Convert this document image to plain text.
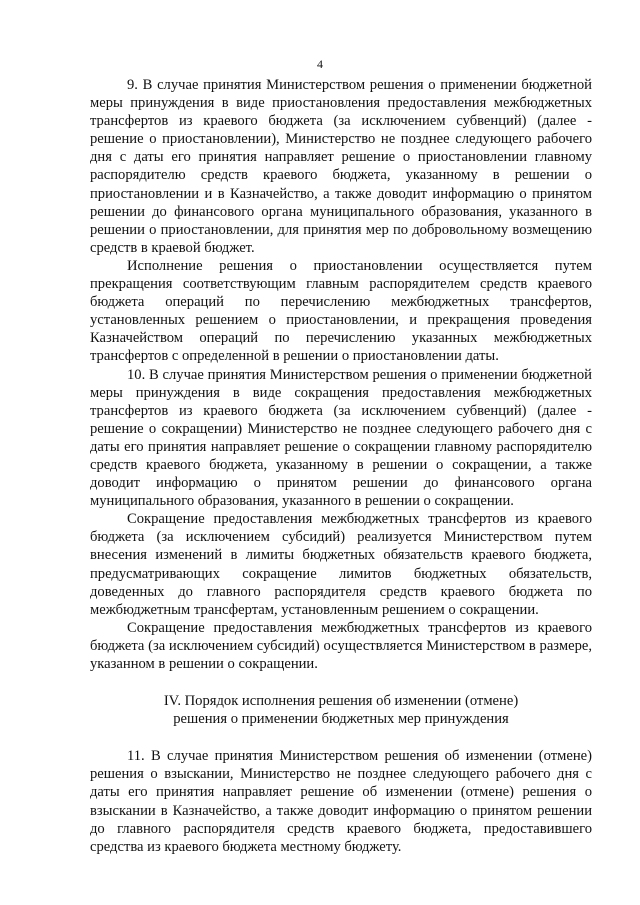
4

9. В случае принятия Министерством решения о применении бюджетной меры принуждения в виде приостановления предоставления межбюджетных трансфертов из краевого бюджета (за исключением субвенций) (далее - решение о приостановлении), Министерство не позднее следующего рабочего дня с даты его принятия направляет решение о приостановлении главному распорядителю средств краевого бюджета, указанному в решении о приостановлении и в Казначейство, а также доводит информацию о принятом решении до финансового органа муниципального образования, указанного в решении о приостановлении, для принятия мер по добровольному возмещению средств в краевой бюджет.

Исполнение решения о приостановлении осуществляется путем прекращения соответствующим главным распорядителем средств краевого бюджета операций по перечислению межбюджетных трансфертов, установленных решением о приостановлении, и прекращения проведения Казначейством операций по перечислению указанных межбюджетных трансфертов с определенной в решении о приостановлении даты.

10. В случае принятия Министерством решения о применении бюджетной меры принуждения в виде сокращения предоставления межбюджетных трансфертов из краевого бюджета (за исключением субвенций) (далее - решение о сокращении) Министерство не позднее следующего рабочего дня с даты его принятия направляет решение о сокращении главному распорядителю средств краевого бюджета, указанному в решении о сокращении, а также доводит информацию о принятом решении до финансового органа муниципального образования, указанного в решении о сокращении.

Сокращение предоставления межбюджетных трансфертов из краевого бюджета (за исключением субсидий) реализуется Министерством путем внесения изменений в лимиты бюджетных обязательств краевого бюджета, предусматривающих сокращение лимитов бюджетных обязательств, доведенных до главного распорядителя средств краевого бюджета по межбюджетным трансфертам, установленным решением о сокращении.

Сокращение предоставления межбюджетных трансфертов из краевого бюджета (за исключением субсидий) осуществляется Министерством в размере, указанном в решении о сокращении.

IV. Порядок исполнения решения об изменении (отмене)

решения о применении бюджетных мер принуждения

11. В случае принятия Министерством решения об изменении (отмене) решения о взыскании, Министерство не позднее следующего рабочего дня с даты его принятия направляет решение об изменении (отмене) решения о взыскании в Казначейство, а также доводит информацию о принятом решении до главного распорядителя средств краевого бюджета, предоставившего средства из краевого бюджета местному бюджету.
